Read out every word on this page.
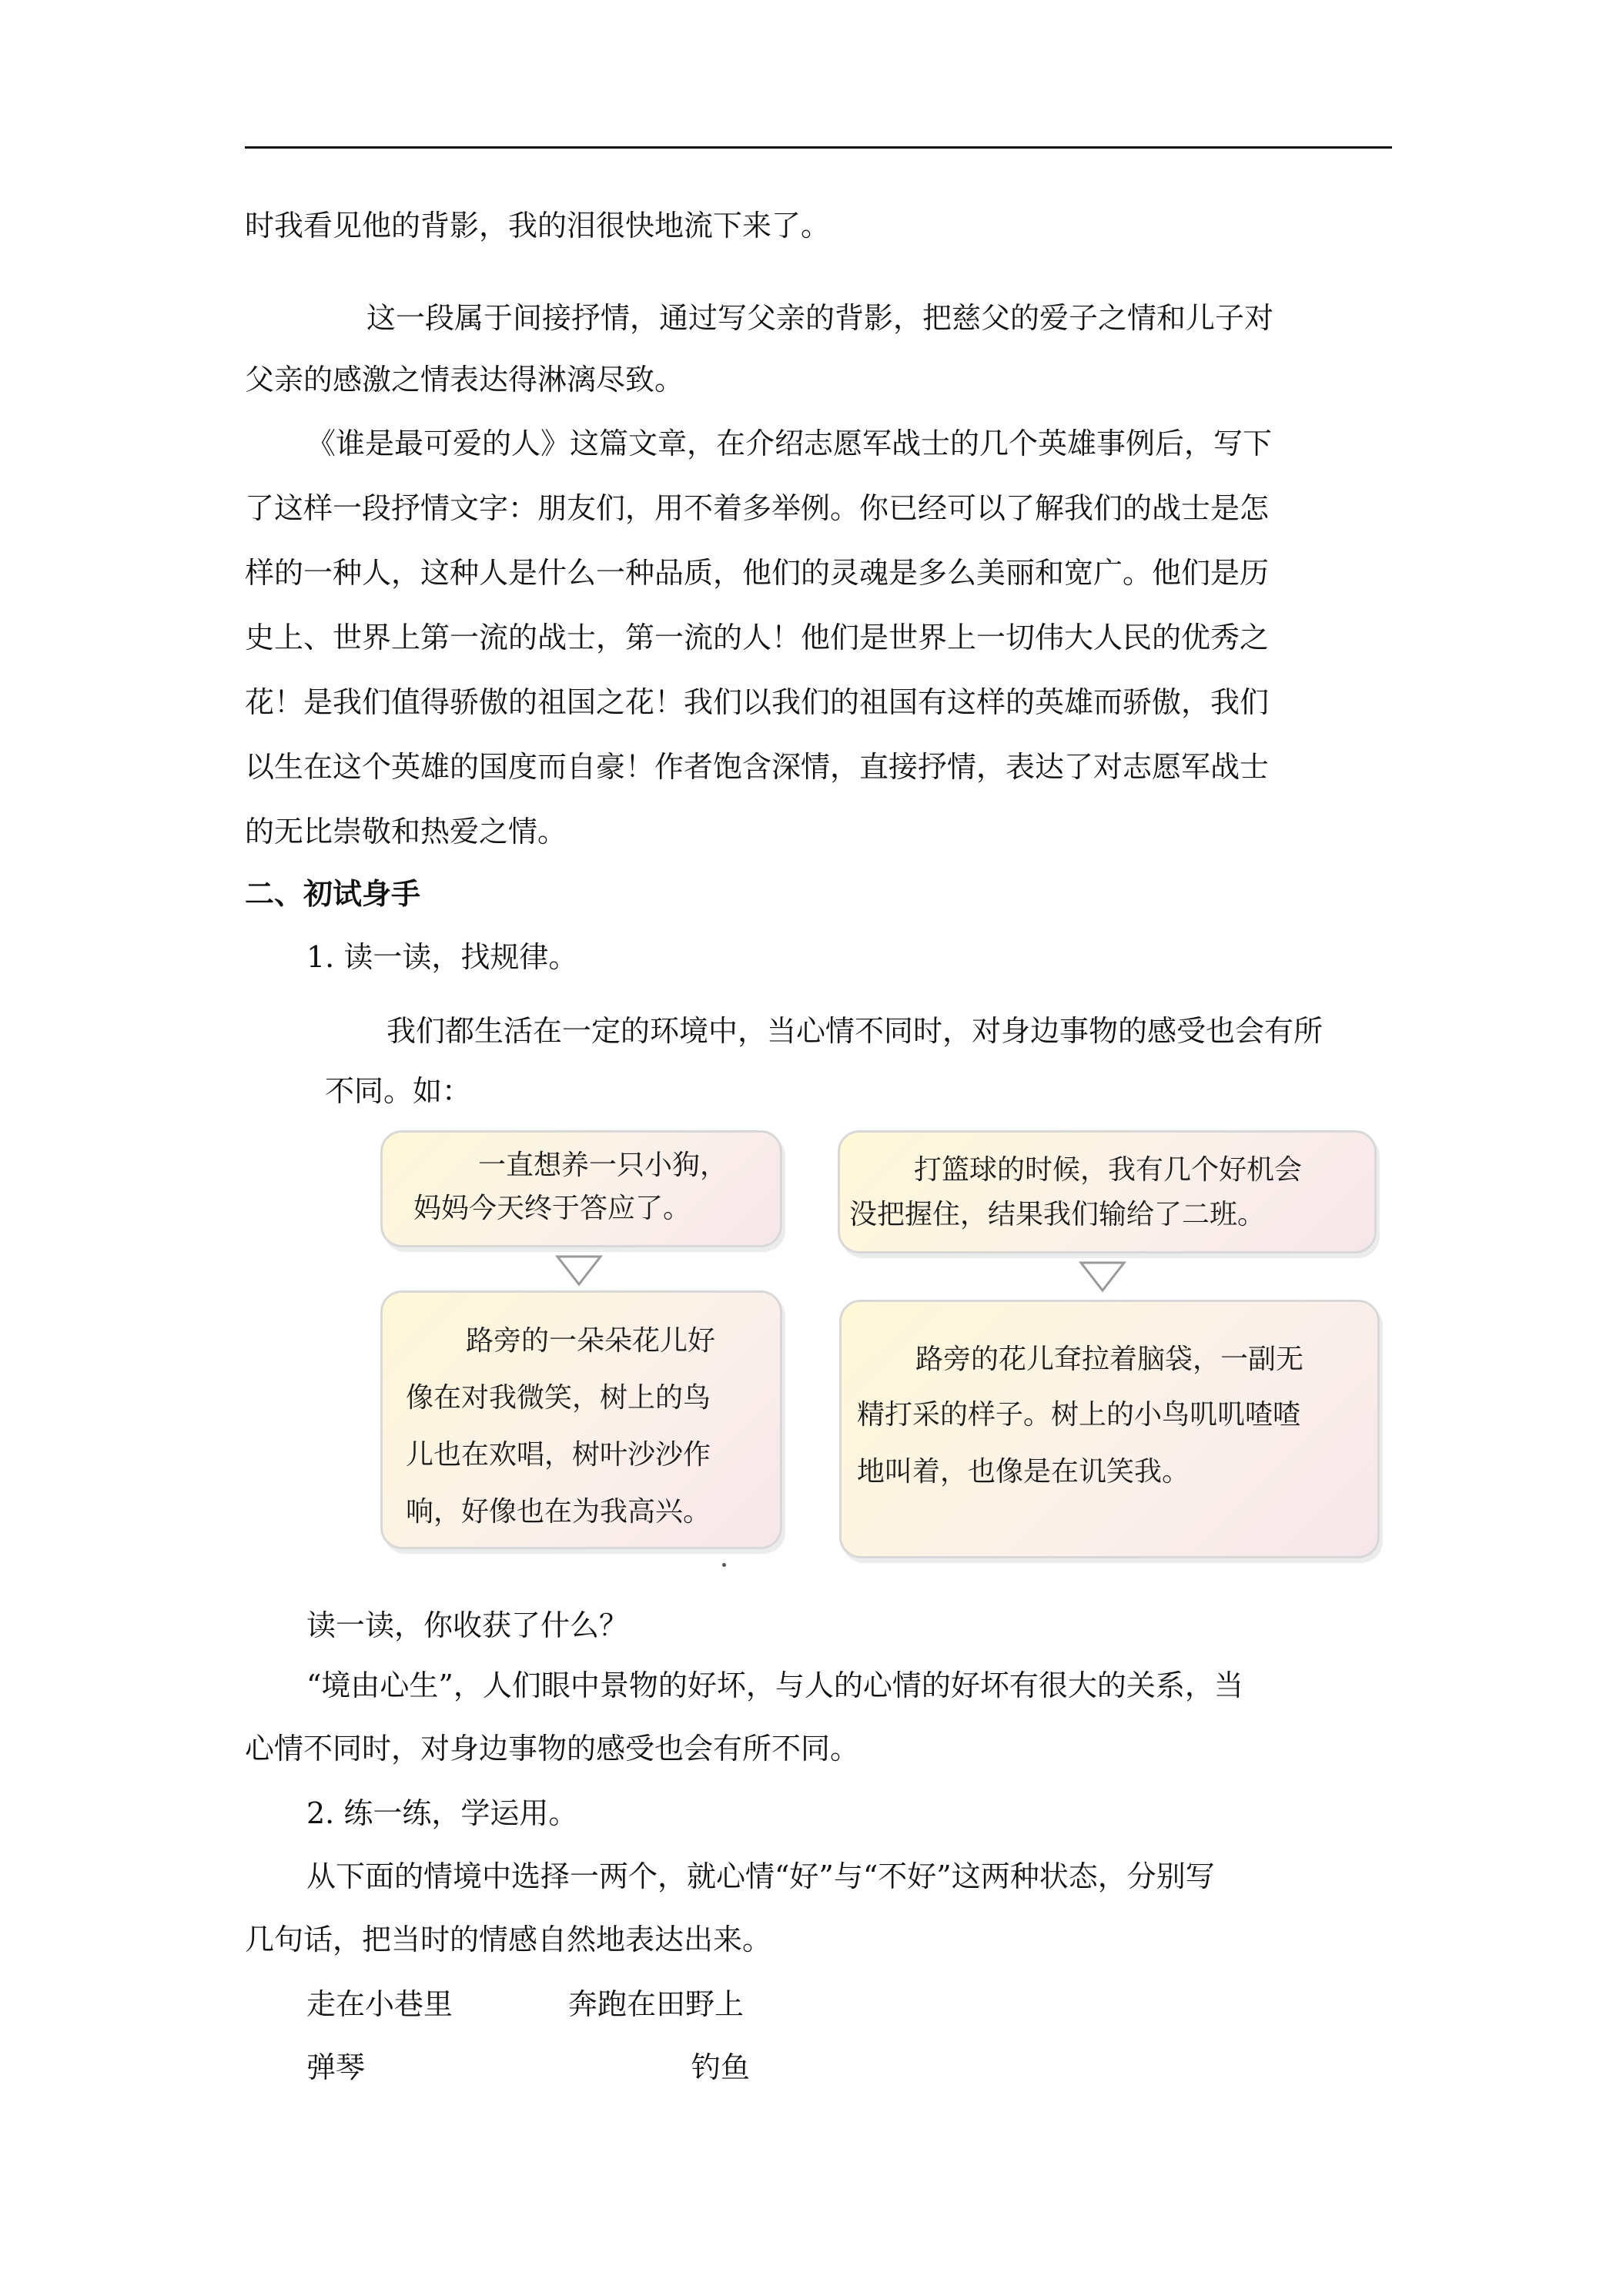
时我看见他的背影，我的泪很快地流下来了。

这一段属于间接抒情，通过写父亲的背影，把慈父的爱子之情和儿子对

父亲的感激之情表达得淋漓尽致。

《谁是最可爱的人》这篇文章，在介绍志愿军战士的几个英雄事例后，写下

了这样一段抒情文字：朋友们，用不着多举例。你已经可以了解我们的战士是怎

样的一种人，这种人是什么一种品质，他们的灵魂是多么美丽和宽广。他们是历

史上、世界上第一流的战士，第一流的人！他们是世界上一切伟大人民的优秀之

花！是我们值得骄傲的祖国之花！我们以我们的祖国有这样的英雄而骄傲，我们

以生在这个英雄的国度而自豪！作者饱含深情，直接抒情，表达了对志愿军战士

的无比崇敬和热爱之情。

二、初试身手

1. 读一读，找规律。

我们都生活在一定的环境中，当心情不同时，对身边事物的感受也会有所

不同。如：

一直想养一只小狗，

妈妈今天终于答应了。

路旁的一朵朵花儿好

像在对我微笑，树上的鸟

儿也在欢唱，树叶沙沙作

响，好像也在为我高兴。

打篮球的时候，我有几个好机会

没把握住，结果我们输给了二班。

路旁的花儿耷拉着脑袋，一副无

精打采的样子。树上的小鸟叽叽喳喳

地叫着，也像是在讥笑我。

读一读，你收获了什么？

“境由心生”，人们眼中景物的好坏，与人的心情的好坏有很大的关系，当

心情不同时，对身边事物的感受也会有所不同。

2. 练一练，学运用。

从下面的情境中选择一两个，就心情“好”与“不好”这两种状态，分别写

几句话，把当时的情感自然地表达出来。

走在小巷里	奔跑在田野上

弹琴	钓鱼
